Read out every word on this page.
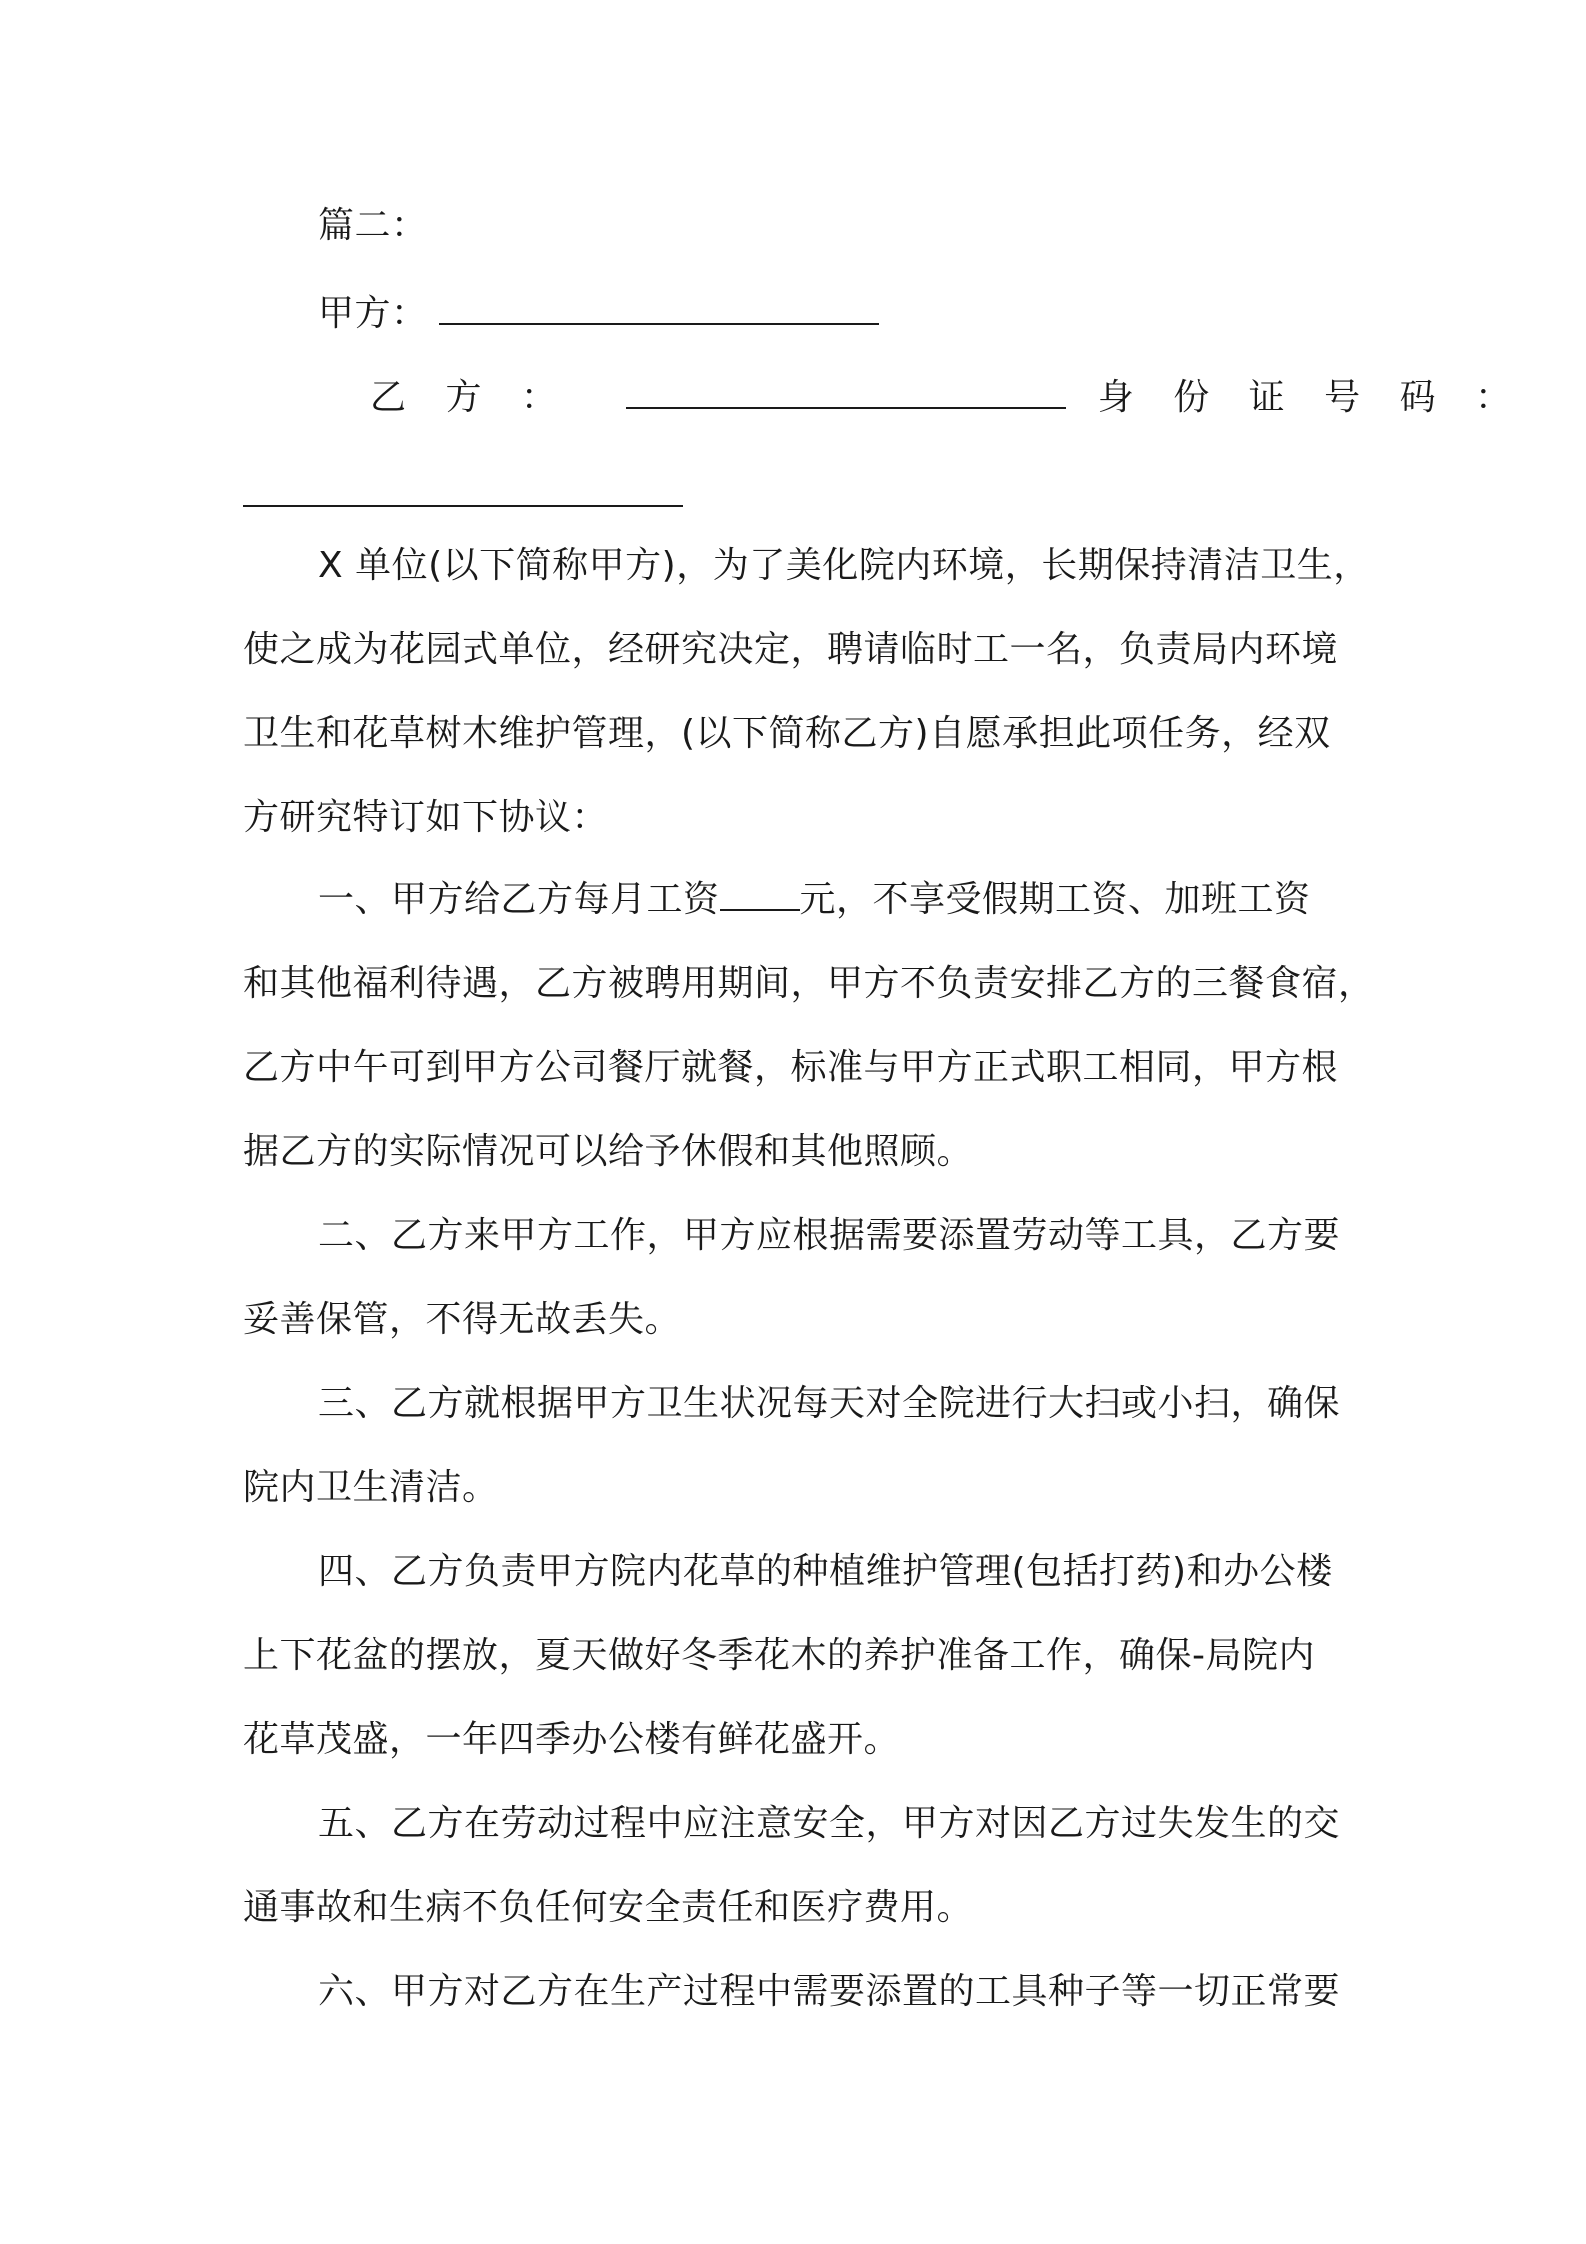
篇二：
甲方：
乙 方 ：	身 份 证 号 码 ：
X 单位(以下简称甲方)，为了美化院内环境，长期保持清洁卫生，
使之成为花园式单位，经研究决定，聘请临时工一名，负责局内环境
卫生和花草树木维护管理，(以下简称乙方)自愿承担此项任务，经双
方研究特订如下协议：
一、甲方给乙方每月工资 元，不享受假期工资、加班工资
和其他福利待遇，乙方被聘用期间，甲方不负责安排乙方的三餐食宿，
乙方中午可到甲方公司餐厅就餐，标准与甲方正式职工相同，甲方根
据乙方的实际情况可以给予休假和其他照顾。
二、乙方来甲方工作，甲方应根据需要添置劳动等工具，乙方要
妥善保管，不得无故丢失。
三、乙方就根据甲方卫生状况每天对全院进行大扫或小扫，确保
院内卫生清洁。
四、乙方负责甲方院内花草的种植维护管理(包括打药)和办公楼
上下花盆的摆放，夏天做好冬季花木的养护准备工作，确保-局院内
花草茂盛，一年四季办公楼有鲜花盛开。
五、乙方在劳动过程中应注意安全，甲方对因乙方过失发生的交
通事故和生病不负任何安全责任和医疗费用。
六、甲方对乙方在生产过程中需要添置的工具种子等一切正常要
